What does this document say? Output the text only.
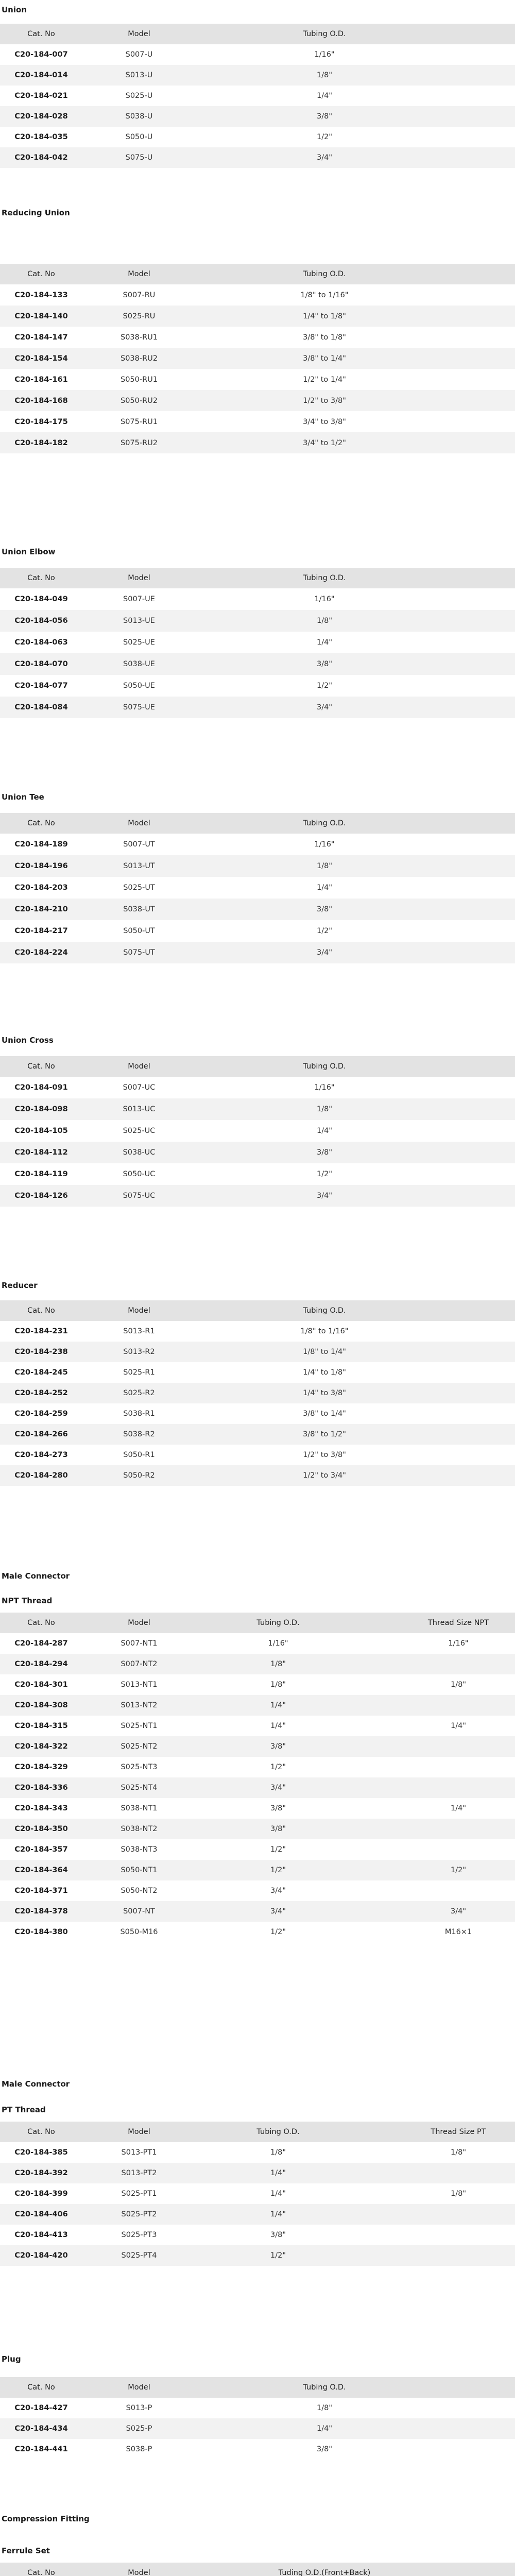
Union
Cat. No	Model	Tubing O.D.
C20-184-007	S007-U	1/16"
C20-184-014	S013-U	1/8"
C20-184-021	S025-U	1/4"
C20-184-028	S038-U	3/8"
C20-184-035	S050-U	1/2"
C20-184-042	S075-U	3/4"
Reducing Union
Cat. No	Model	Tubing O.D.
C20-184-133	S007-RU	1/8" to 1/16"
C20-184-140	S025-RU	1/4" to 1/8"
C20-184-147	S038-RU1	3/8" to 1/8"
C20-184-154	S038-RU2	3/8" to 1/4"
C20-184-161	S050-RU1	1/2" to 1/4"
C20-184-168	S050-RU2	1/2" to 3/8"
C20-184-175	S075-RU1	3/4" to 3/8"
C20-184-182	S075-RU2	3/4" to 1/2"
Union Elbow
Cat. No	Model	Tubing O.D.
C20-184-049	S007-UE	1/16"
C20-184-056	S013-UE	1/8"
C20-184-063	S025-UE	1/4"
C20-184-070	S038-UE	3/8"
C20-184-077	S050-UE	1/2"
C20-184-084	S075-UE	3/4"
Union Tee
Cat. No	Model	Tubing O.D.
C20-184-189	S007-UT	1/16"
C20-184-196	S013-UT	1/8"
C20-184-203	S025-UT	1/4"
C20-184-210	S038-UT	3/8"
C20-184-217	S050-UT	1/2"
C20-184-224	S075-UT	3/4"
Union Cross
Cat. No	Model	Tubing O.D.
C20-184-091	S007-UC	1/16"
C20-184-098	S013-UC	1/8"
C20-184-105	S025-UC	1/4"
C20-184-112	S038-UC	3/8"
C20-184-119	S050-UC	1/2"
C20-184-126	S075-UC	3/4"
Reducer
Cat. No	Model	Tubing O.D.
C20-184-231	S013-R1	1/8" to 1/16"
C20-184-238	S013-R2	1/8" to 1/4"
C20-184-245	S025-R1	1/4" to 1/8"
C20-184-252	S025-R2	1/4" to 3/8"
C20-184-259	S038-R1	3/8" to 1/4"
C20-184-266	S038-R2	3/8" to 1/2"
C20-184-273	S050-R1	1/2" to 3/8"
C20-184-280	S050-R2	1/2" to 3/4"
Male Connector
NPT Thread
Cat. No	Model	Tubing O.D.	Thread Size NPT
C20-184-287	S007-NT1	1/16"	1/16"
C20-184-294	S007-NT2	1/8"
C20-184-301	S013-NT1	1/8"	1/8"
C20-184-308	S013-NT2	1/4"
C20-184-315	S025-NT1	1/4"	1/4"
C20-184-322	S025-NT2	3/8"
C20-184-329	S025-NT3	1/2"
C20-184-336	S025-NT4	3/4"
C20-184-343	S038-NT1	3/8"	1/4"
C20-184-350	S038-NT2	3/8"
C20-184-357	S038-NT3	1/2"
C20-184-364	S050-NT1	1/2"	1/2"
C20-184-371	S050-NT2	3/4"
C20-184-378	S007-NT	3/4"	3/4"
C20-184-380	S050-M16	1/2"	M16×1
Male Connector
PT Thread
Cat. No	Model	Tubing O.D.	Thread Size PT
C20-184-385	S013-PT1	1/8"	1/8"
C20-184-392	S013-PT2	1/4"
C20-184-399	S025-PT1	1/4"	1/8"
C20-184-406	S025-PT2	1/4"
C20-184-413	S025-PT3	3/8"
C20-184-420	S025-PT4	1/2"
Plug
Cat. No	Model	Tubing O.D.
C20-184-427	S013-P	1/8"
C20-184-434	S025-P	1/4"
C20-184-441	S038-P	3/8"
Compression Fitting
Ferrule Set
Cat. No	Model	Tuding O.D.(Front+Back)
